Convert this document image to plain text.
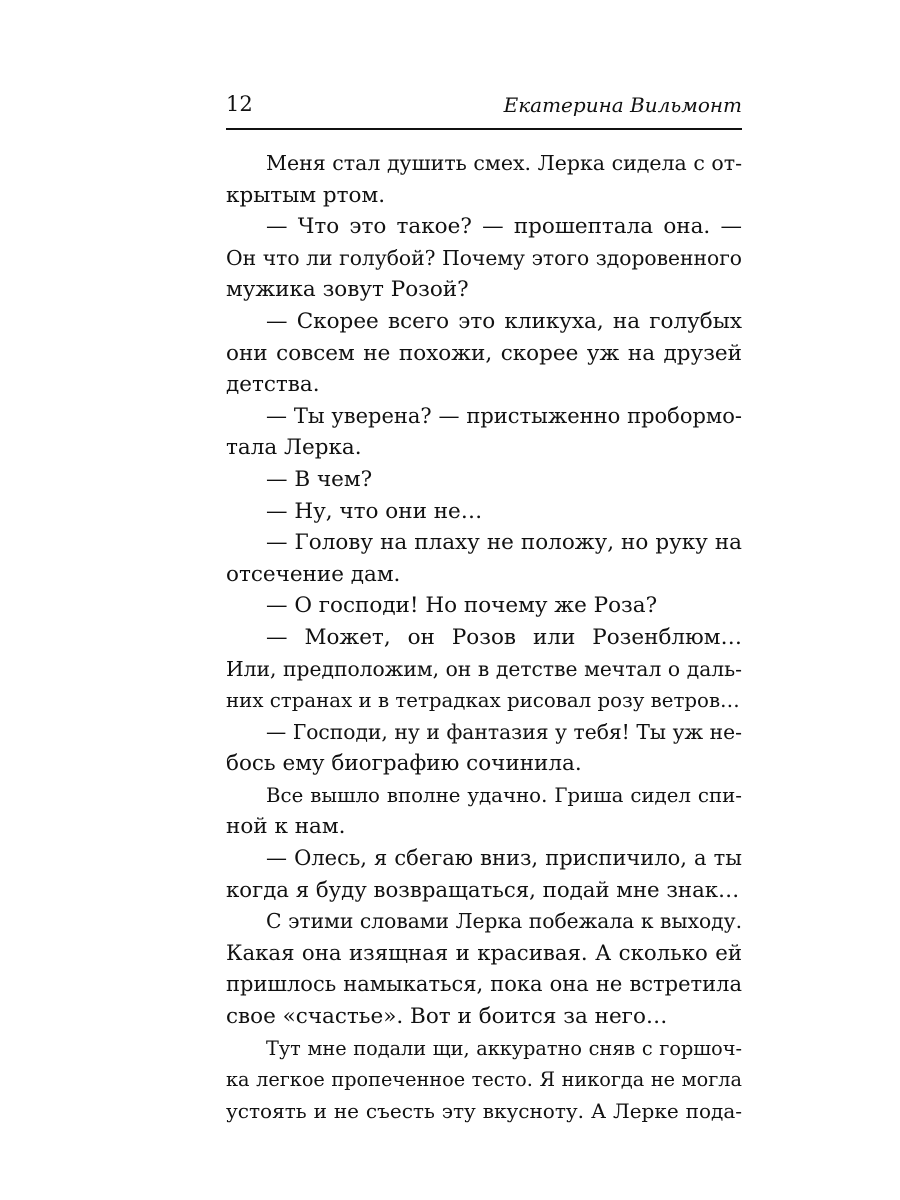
12	Екатерина Вильмонт
Меня стал душить смех. Лерка сидела с от-
крытым ртом.
— Что это такое? — прошептала она. —
Он что ли голубой? Почему этого здоровенного
мужика зовут Розой?
— Скорее всего это кликуха, на голубых
они совсем не похожи, скорее уж на друзей
детства.
— Ты уверена? — пристыженно пробормо-
тала Лерка.
— В чем?
— Ну, что они не…
— Голову на плаху не положу, но руку на
отсечение дам.
— О господи! Но почему же Роза?
— Может, он Розов или Розенблюм…
Или, предположим, он в детстве мечтал о даль-
них странах и в тетрадках рисовал розу ветров…
— Господи, ну и фантазия у тебя! Ты уж не-
бось ему биографию сочинила.
Все вышло вполне удачно. Гриша сидел спи-
ной к нам.
— Олесь, я сбегаю вниз, приспичило, а ты
когда я буду возвращаться, подай мне знак…
С этими словами Лерка побежала к выходу.
Какая она изящная и красивая. А сколько ей
пришлось намыкаться, пока она не встретила
свое «счастье». Вот и боится за него…
Тут мне подали щи, аккуратно сняв с горшоч-
ка легкое пропеченное тесто. Я никогда не могла
устоять и не съесть эту вкусноту. А Лерке пода-
